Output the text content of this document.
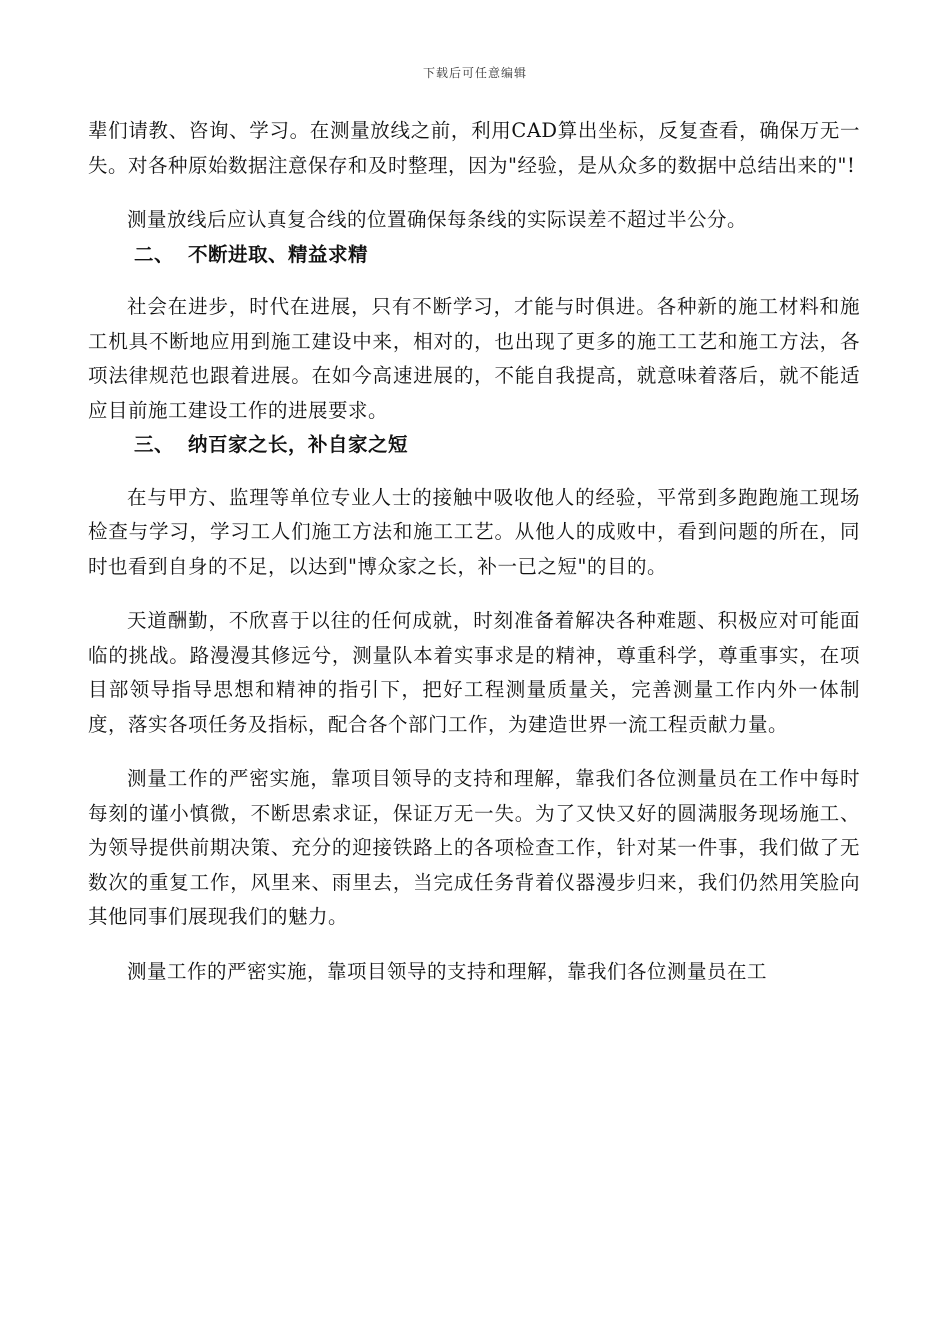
下载后可任意编辑

辈们请教、咨询、学习。在测量放线之前，利用CAD算出坐标，反复查看，确保万无一失。对各种原始数据注意保存和及时整理，因为"经验，是从众多的数据中总结出来的"!

测量放线后应认真复合线的位置确保每条线的实际误差不超过半公分。

二、 不断进取、精益求精

社会在进步，时代在进展，只有不断学习，才能与时俱进。各种新的施工材料和施工机具不断地应用到施工建设中来，相对的，也出现了更多的施工工艺和施工方法，各项法律规范也跟着进展。在如今高速进展的，不能自我提高，就意味着落后，就不能适应目前施工建设工作的进展要求。

三、 纳百家之长，补自家之短

在与甲方、监理等单位专业人士的接触中吸收他人的经验，平常到多跑跑施工现场检查与学习，学习工人们施工方法和施工工艺。从他人的成败中，看到问题的所在，同时也看到自身的不足，以达到"博众家之长，补一已之短"的目的。

天道酬勤，不欣喜于以往的任何成就，时刻准备着解决各种难题、积极应对可能面临的挑战。路漫漫其修远兮，测量队本着实事求是的精神，尊重科学，尊重事实，在项目部领导指导思想和精神的指引下，把好工程测量质量关，完善测量工作内外一体制度，落实各项任务及指标，配合各个部门工作，为建造世界一流工程贡献力量。

测量工作的严密实施，靠项目领导的支持和理解，靠我们各位测量员在工作中每时每刻的谨小慎微，不断思索求证，保证万无一失。为了又快又好的圆满服务现场施工、为领导提供前期决策、充分的迎接铁路上的各项检查工作，针对某一件事，我们做了无数次的重复工作，风里来、雨里去，当完成任务背着仪器漫步归来，我们仍然用笑脸向其他同事们展现我们的魅力。

测量工作的严密实施，靠项目领导的支持和理解，靠我们各位测量员在工
